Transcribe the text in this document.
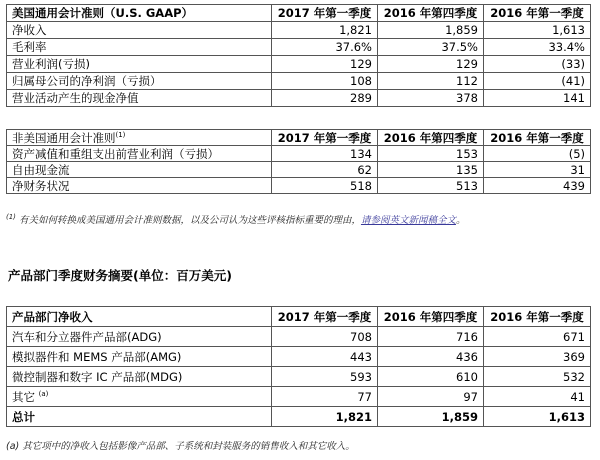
美国通用会计准则（U.S. GAAP）	2017 年第一季度	2016 年第四季度	2016 年第一季度
净收入	1,821	1,859	1,613
毛利率	37.6%	37.5%	33.4%
营业利润(亏损)	129	129	(33)
归属母公司的净利润（亏损）	108	112	(41)
营业活动产生的现金净值	289	378	141
非美国通用会计准则$^{(1)}$	2017 年第一季度	2016 年第四季度	2016 年第一季度
资产减值和重组支出前营业利润（亏损）	134	153	(5)
自由现金流	62	135	31
净财务状况	518	513	439
$^{(1)}$ 有关如何转换成美国通用会计准则数据，以及公司认为这些评核指标重要的理由，请参阅英文新闻稿全文。
产品部门季度财务摘要(单位：百万美元)
产品部门净收入	2017 年第一季度	2016 年第四季度	2016 年第一季度
汽车和分立器件产品部(ADG)	708	716	671
模拟器件和 MEMS 产品部(AMG)	443	436	369
微控制器和数字 IC 产品部(MDG)	593	610	532
其它 $^{(a)}$	77	97	41
总计	1,821	1,859	1,613
(a) 其它项中的净收入包括影像产品部、子系统和封装服务的销售收入和其它收入。
